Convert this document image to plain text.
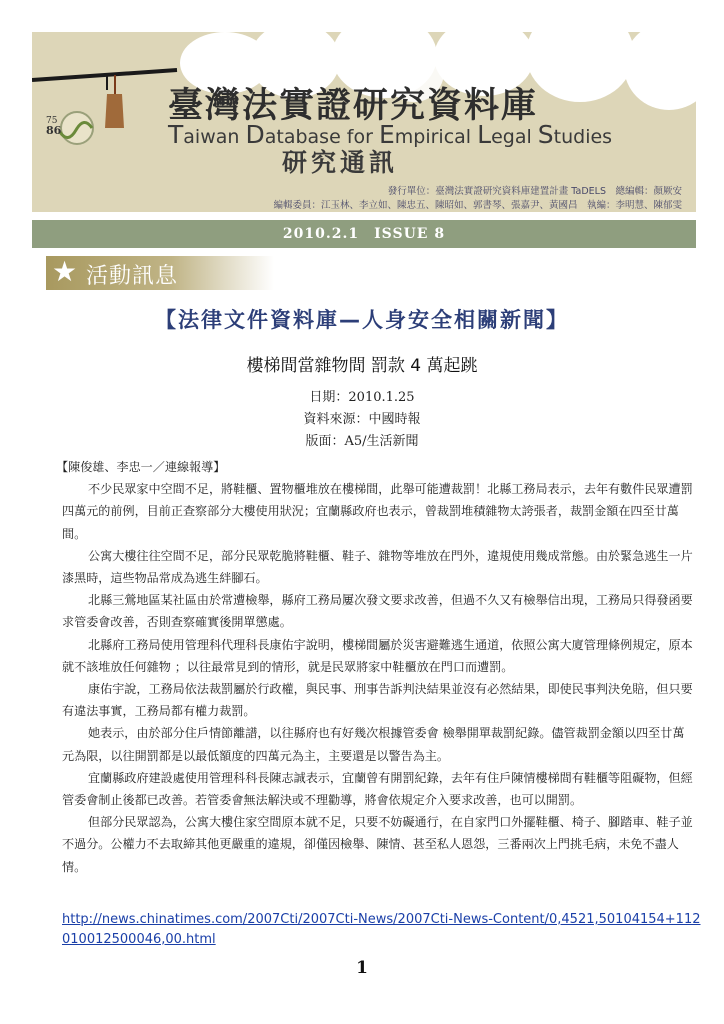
75
86
臺灣法實證研究資料庫
Taiwan Database for Empirical Legal Studies
研究通訊
發行單位：臺灣法實證研究資料庫建置計畫 TaDELS　總編輯：顏厥安
編輯委員：江玉林、李立如、陳忠五、陳昭如、郭書琴、張嘉尹、黃國昌　執編：李明慧、陳郁雯
2010.2.1　ISSUE 8
★ 活動訊息
【法律文件資料庫—人身安全相關新聞】
樓梯間當雜物間 罰款 4 萬起跳
日期：2010.1.25
資料來源：中國時報
版面：A5/生活新聞

【陳俊雄、李忠一／連線報導】

不少民眾家中空間不足，將鞋櫃、置物櫃堆放在樓梯間，此舉可能遭裁罰！北縣工務局表示，去年有數件民眾遭罰四萬元的前例，目前正查察部分大樓使用狀況；宜蘭縣政府也表示，曾裁罰堆積雜物太誇張者，裁罰金額在四至廿萬間。

公寓大樓往往空間不足，部分民眾乾脆將鞋櫃、鞋子、雜物等堆放在門外，違規使用幾成常態。由於緊急逃生一片漆黑時，這些物品常成為逃生絆腳石。

北縣三鶯地區某社區由於常遭檢舉，縣府工務局屢次發文要求改善，但過不久又有檢舉信出現，工務局只得發函要求管委會改善，否則查察確實後開單懲處。

北縣府工務局使用管理科代理科長康佑宇說明，樓梯間屬於災害避難逃生通道，依照公寓大廈管理條例規定，原本就不該堆放任何雜物 ；以往最常見到的情形，就是民眾將家中鞋櫃放在門口而遭罰。

康佑宇說，工務局依法裁罰屬於行政權，與民事、刑事告訴判決結果並沒有必然結果，即使民事判決免賠，但只要有違法事實，工務局都有權力裁罰。

她表示，由於部分住戶情節離譜，以往縣府也有好幾次根據管委會 檢舉開單裁罰紀錄。儘管裁罰金額以四至廿萬元為限，以往開罰都是以最低額度的四萬元為主，主要還是以警告為主。

宜蘭縣政府建設處使用管理科科長陳志誠表示，宜蘭曾有開罰紀錄，去年有住戶陳情樓梯間有鞋櫃等阻礙物，但經管委會制止後都已改善。若管委會無法解決或不理勸導，將會依規定介入要求改善，也可以開罰。

但部分民眾認為，公寓大樓住家空間原本就不足，只要不妨礙通行，在自家門口外擺鞋櫃、椅子、腳踏車、鞋子並不過分。公權力不去取締其他更嚴重的違規，卻僅因檢舉、陳情、甚至私人恩怨，三番兩次上門挑毛病，未免不盡人情。

http://news.chinatimes.com/2007Cti/2007Cti-News/2007Cti-News-Content/0,4521,50104154+112010012500046,00.html
1
